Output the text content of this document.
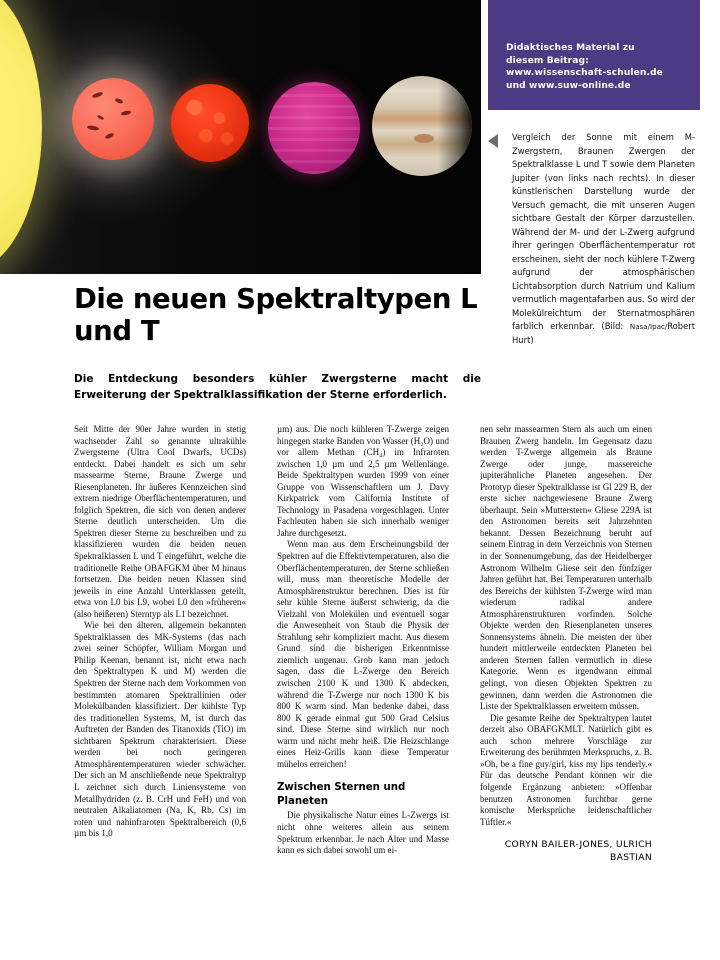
Didaktisches Material zu

diesem Beitrag:

www.wissenschaft-schulen.de

und www.suw-online.de

Vergleich der Sonne mit einem M-Zwergstern, Braunen Zwergen der Spektralklasse L und T sowie dem Planeten Jupiter (von links nach rechts). In dieser künstlerischen Darstellung wurde der Versuch gemacht, die mit unseren Augen sichtbare Gestalt der Körper darzustellen. Während der M- und der L-Zwerg aufgrund ihrer geringen Oberflächentemperatur rot erscheinen, sieht der noch kühlere T-Zwerg aufgrund der atmosphärischen Lichtabsorption durch Natrium und Kalium vermutlich magentafarben aus. So wird der Molekülreichtum der Sternatmosphären farblich erkennbar. (Bild: Nasa/Ipac/Robert Hurt)

Die neuen Spektraltypen L und T

Die Entdeckung besonders kühler Zwergsterne macht die Erweiterung der Spektralklassifikation der Sterne erforderlich.

Seit Mitte der 90er Jahre wurden in stetig wachsender Zahl so genannte ultrakühle Zwergsterne (Ultra Cool Dwarfs, UCDs) entdeckt. Dabei handelt es sich um sehr massearme Sterne, Braune Zwerge und Riesenplaneten. Ihr äußeres Kennzeichen sind extrem niedrige Oberflächentemperaturen, und folglich Spektren, die sich von denen anderer Sterne deutlich unterscheiden. Um die Spektren dieser Sterne zu beschreiben und zu klassifizieren wurden die beiden neuen Spektralklassen L und T eingeführt, welche die traditionelle Reihe OBAFGKM über M hinaus fortsetzen. Die beiden neuen Klassen sind jeweils in eine Anzahl Unterklassen geteilt, etwa von L0 bis L9, wobei L0 den »früheren« (also heißeren) Sterntyp als L1 bezeichnet.

Wie bei den älteren, allgemein bekannten Spektralklassen des MK-Systems (das nach zwei seiner Schöpfer, William Morgan und Philip Keenan, benannt ist, nicht etwa nach den Spektraltypen K und M) werden die Spektren der Sterne nach dem Vorkommen von bestimmten atomaren Spektrallinien oder Molekülbanden klassifiziert. Der kühlste Typ des traditionellen Systems, M, ist durch das Auftreten der Banden des Titanoxids (TiO) im sichtbaren Spektrum charakterisiert. Diese werden bei noch geringeren Atmosphärentemperaturen wieder schwächer. Der sich an M anschließende neue Spektraltyp L zeichnet sich durch Liniensysteme von Metallhydriden (z. B. CrH und FeH) und von neutralen Alkaliatomen (Na, K, Rb, Cs) im roten und nahinfraroten Spektralbereich (0,6 µm bis 1,0

µm) aus. Die noch kühleren T-Zwerge zeigen hingegen starke Banden von Wasser (H₂O) und vor allem Methan (CH₄) im Infraroten zwischen 1,0 µm und 2,5 µm Wellenlänge. Beide Spektraltypen wurden 1999 von einer Gruppe von Wissenschaftlern um J. Davy Kirkpatrick vom California Institute of Technology in Pasadena vorgeschlagen. Unter Fachleuten haben sie sich innerhalb weniger Jahre durchgesetzt.

Wenn man aus dem Erscheinungsbild der Spektren auf die Effektivtemperaturen, also die Oberflächentemperaturen, der Sterne schließen will, muss man theoretische Modelle der Atmosphärenstruktur berechnen. Dies ist für sehr kühle Sterne äußerst schwierig, da die Vielzahl von Molekülen und eventuell sogar die Anwesenheit von Staub die Physik der Strahlung sehr kompliziert macht. Aus diesem Grund sind die bisherigen Erkenntnisse ziemlich ungenau. Grob kann man jedoch sagen, dass die L-Zwerge den Bereich zwischen 2100 K und 1300 K abdecken, während die T-Zwerge nur noch 1300 K bis 800 K warm sind. Man bedenke dabei, dass 800 K gerade einmal gut 500 Grad Celsius sind. Diese Sterne sind wirklich nur noch warm und nicht mehr heiß. Die Heizschlange eines Heiz-Grills kann diese Temperatur mühelos erreichen!

Zwischen Sternen und Planeten

Die physikalische Natur eines L-Zwergs ist nicht ohne weiteres allein aus seinem Spektrum erkennbar. Je nach Alter und Masse kann es sich dabei sowohl um ei-

nen sehr massearmen Stern als auch um einen Braunen Zwerg handeln. Im Gegensatz dazu werden T-Zwerge allgemein als Braune Zwerge oder junge, massereiche jupiterähnliche Planeten angesehen. Der Prototyp dieser Spektralklasse ist Gl 229 B, der erste sicher nachgewiesene Braune Zwerg überhaupt. Sein »Mutterstern« Gliese 229A ist den Astronomen bereits seit Jahrzehnten bekannt. Dessen Bezeichnung beruht auf seinem Eintrag in dem Verzeichnis von Sternen in der Sonnenumgebung, das der Heidelberger Astronom Wilhelm Gliese seit den fünfziger Jahren geführt hat. Bei Temperaturen unterhalb des Bereichs der kühlsten T-Zwerge wird man wiederum radikal andere Atmosphärenstrukturen vorfinden. Solche Objekte werden den Riesenplaneten unseres Sonnensystems ähneln. Die meisten der über hundert mittlerweile entdeckten Planeten bei anderen Sternen fallen vermutlich in diese Kategorie. Wenn es irgendwann einmal gelingt, von diesen Objekten Spektren zu gewinnen, dann werden die Astronomen die Liste der Spektralklassen erweitern müssen.

Die gesamte Reihe der Spektraltypen lautet derzeit also OBAFGKMLT. Natürlich gibt es auch schon mehrere Vorschläge zur Erweiterung des berühmten Merkspruchs, z. B. »Oh, be a fine guy/girl, kiss my lips tenderly.« Für das deutsche Pendant können wir die folgende Ergänzung anbieten: »Offenbar benutzen Astronomen furchtbar gerne komische Merksprüche leidenschaftlicher Tüftler.«

CORYN BAILER-JONES, ULRICH BASTIAN
